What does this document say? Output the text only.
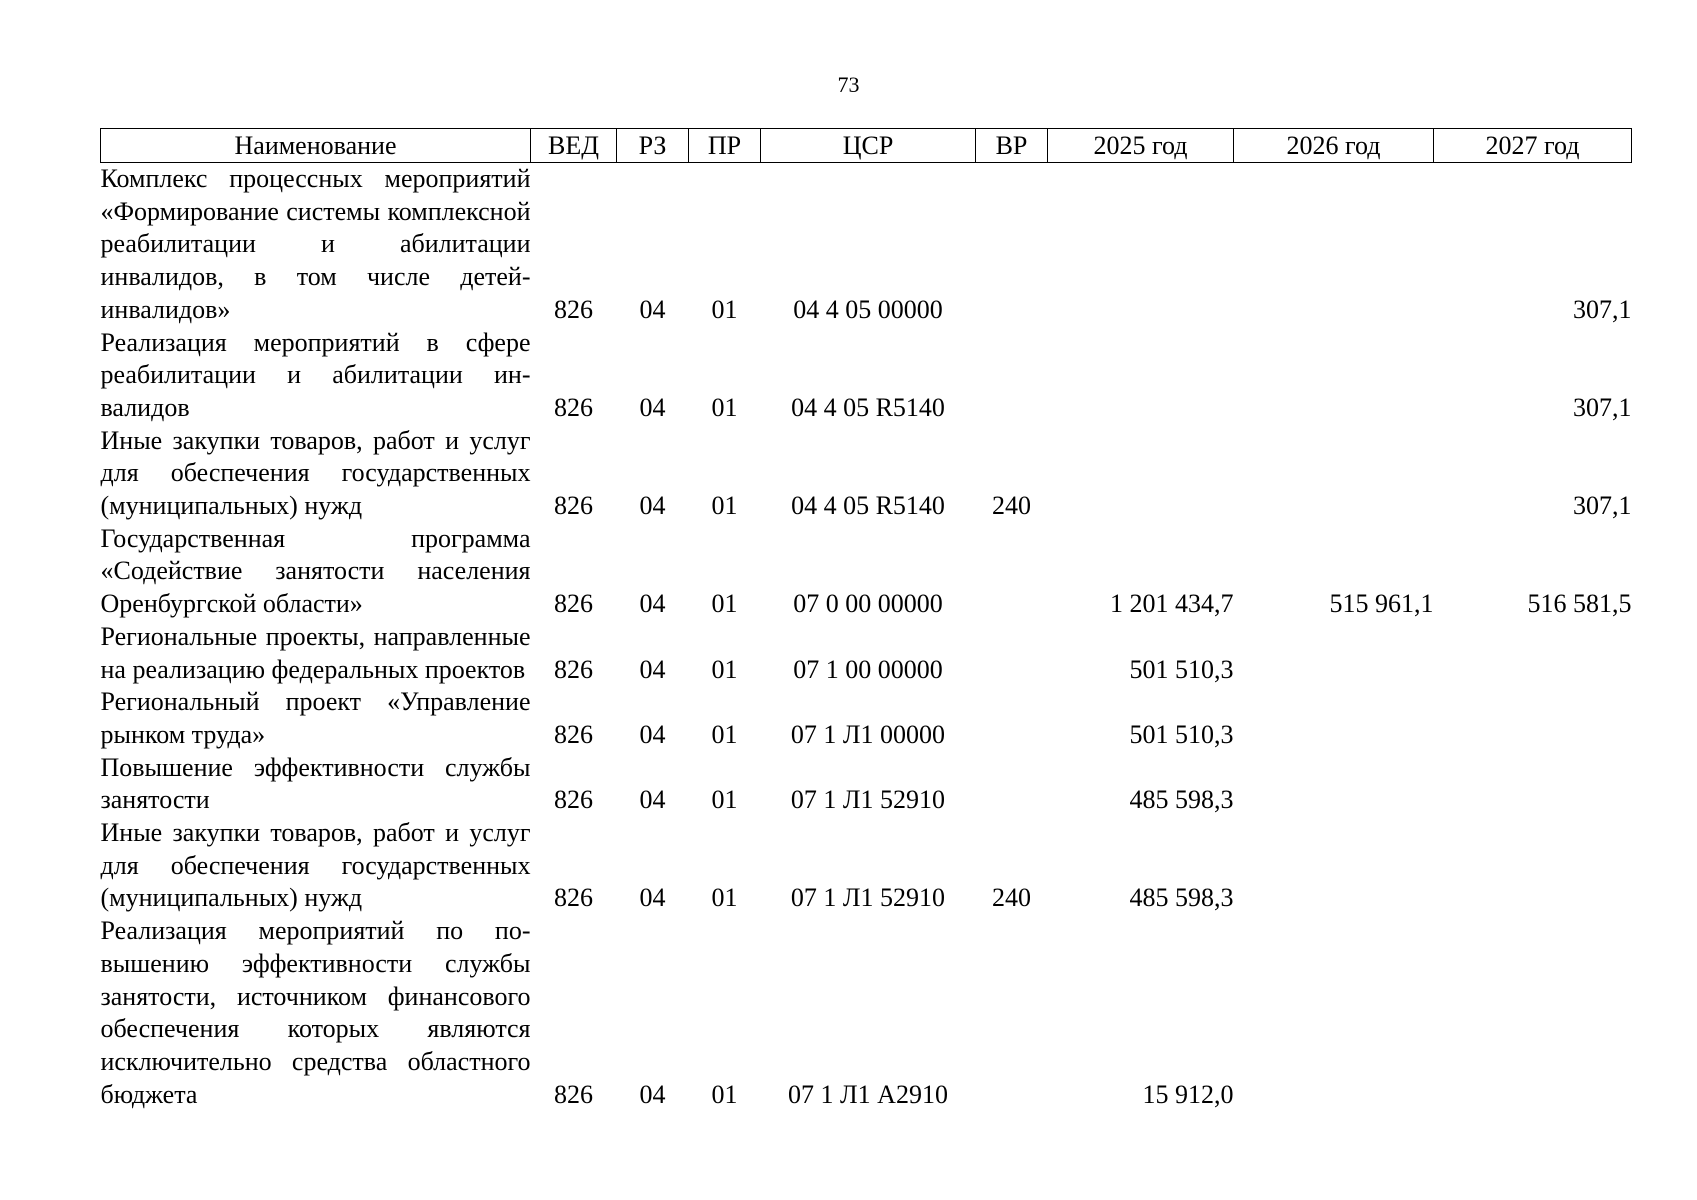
73
Наименование	ВЕД	РЗ	ПР	ЦСР	ВР	2025 год	2026 год	2027 год
Комплекс процессных мероприятий «Формирование системы комплексной реабилитации и абилитации инвалидов, в том числе детей-инвалидов»	826	04	01	04 4 05 00000				307,1
Реализация мероприятий в сфере реабилитации и абилитации инвалидов	826	04	01	04 4 05 R5140				307,1
Иные закупки товаров, работ и услуг для обеспечения государственных (муниципальных) нужд	826	04	01	04 4 05 R5140	240			307,1
Государственная программа «Содействие занятости населения Оренбургской области»	826	04	01	07 0 00 00000		1 201 434,7	515 961,1	516 581,5
Региональные проекты, направленные на реализацию федеральных проектов	826	04	01	07 1 00 00000		501 510,3		
Региональный проект «Управление рынком труда»	826	04	01	07 1 Л1 00000		501 510,3		
Повышение эффективности службы занятости	826	04	01	07 1 Л1 52910		485 598,3		
Иные закупки товаров, работ и услуг для обеспечения государственных (муниципальных) нужд	826	04	01	07 1 Л1 52910	240	485 598,3		
Реализация мероприятий по повышению эффективности службы занятости, источником финансового обеспечения которых являются исключительно средства областного бюджета	826	04	01	07 1 Л1 A2910		15 912,0		
